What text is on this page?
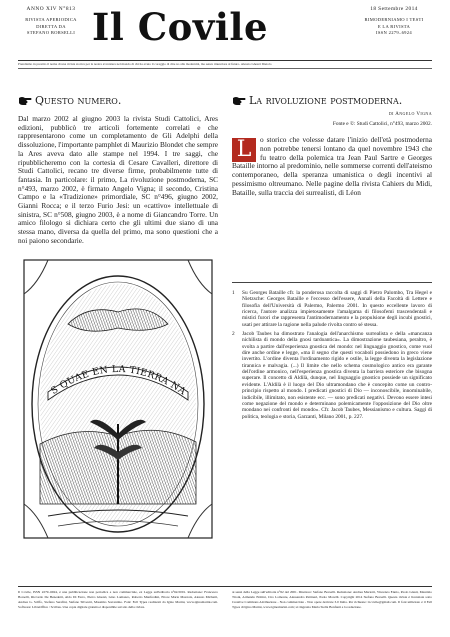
ANNO XIV N°813
RIVISTA APERIODICA
DIRETTA DA
STEFANO BORSELLI Il Covile	18 Settembre 2014
RIMODERNIAMO I TESTI
E LA RIVISTA
ISSN 2279–6924
Prendiamo in prestito il nome di una rivista storica per la nostra avventura nel mondo di chi ha avuto il coraggio di dire no alla modernità, ma senza rinunciare al futuro. Alessio Ghezzi Dietolo
Questo numero.
Dal marzo 2002 al giugno 2003 la rivista Studi Cattolici, Ares edizioni, pubblicò tre articoli fortemente correlati e che rappresentarono come un completamento de Gli Adelphi della dissoluzione, l'importante pamphlet di Maurizio Blondet che sempre la Ares aveva dato alle stampe nel 1994. I tre saggi, che ripubblicheremo con la cortesia di Cesare Cavalleri, direttore di Studi Cattolici, recano tre diverse firme, probabilmente tutte di fantasia. In particolare: il primo, La rivoluzione postmoderna, SC n°493, marzo 2002, è firmato Angelo Vigna; il secondo, Cristina Campo e la «Tradizione» primordiale, SC n°496, giugno 2002, Gianni Rocca; e il terzo Furio Jesi: un «cattivo» intellettuale di sinistra, SC n°508, giugno 2003, è a nome di Giancandro Torre. Un amico filologo si dichiara certo che gli ultimi due siano di una stessa mano, diversa da quella del primo, ma sono questioni che a noi paiono secondarie.
S QUAE EN LA TIERRA NA
La rivoluzione postmoderna.
di Angelo Vigna
Fonte e ©: Studi Cattolici, n°493, marzo 2002.
L	o storico che volesse datare l'inizio dell'età postmoderna non potrebbe tenersi lontano da quel novembre 1943 che fu teatro della polemica tra Jean Paul Sartre e Georges Bataille intorno al predominio, nelle sommerse correnti dell'ateismo contemporaneo, della speranza umanistica o degli incentivi al pessimismo oltreumano. Nelle pagine della rivista Cahiers du Midi, Bataille, sulla traccia dei surrealisti, di Léon
1	Su Georges Bataille cfr. la ponderosa raccolta di saggi di Pietro Palombo, Tra Hegel e Nietzsche: Georges Bataille e l'eccesso dell'essere, Annali della Facoltà di Lettere e filosofia dell'Università di Palermo, Palermo 2001. In questo eccellente lavoro di ricerca, l'autore analizza impietosamente l'amalgama di filosofemi trascendentali e mistici furori che rappresenta l'antimodernamento e la propulsione degli incubi gnostici, usati per attirare la ragione nella palude rivolta contro sé stessa.
2	Jacob Taubes ha dimostrato l'analogia dell'anarchismo surrealista e della «mancanza nichilista di mondo della gnosi tardoantica». La dimostrazione taubesiana, peraltro, è svolta a partire dall'esperienza gnostica del mondo: nel linguaggio gnostico, come vuol dire anche ordine e legge, «ma il segno che questi vocaboli possiedono in greco viene invertito. L'ordine diventa l'ordinamento rigido e ostile, la legge diventa la legislazione tirannica e malvagia. (...) Il limite che nello schema cosmologico antico era garante dell'ordine armonico, nell'esperienza gnostica diventa la barriera esteriore che bisogna superare. Il concetto di Aldilà, dunque, nel linguaggio gnostico possiede un significato evidente. L'Aldilà è il luogo del Dio ultramondano che è concepito come un contro-principio rispetto al mondo. I predicati gnostici di Dio — inconoscibile, innominabile, indicibile, illimitato, non esistente ecc. — sono predicati negativi. Devono essere intesi come negazione del mondo e determinano polemicamente l'opposizione del Dio oltre mondano nei confronti del mondo». Cfr. Jacob Taubes, Messianismo e cultura. Saggi di politica, teologia e storia, Garzanti, Milano 2001, p. 227.
Il Covile, ISSN 2279–6924, è una pubblicazione non periodica e non commerciale, ex Legge sull'editoria n°62/2001. Redazione: Francesco Borselli, Riccardo De Benedetti, Aldo Di Ferro, Pietro Ghezzi, Gino Lomazzo, Roberto Manfredini, Ettore Maria Mazzola, Alessio Michetti, Andrea G. Sciffo, Stefano Serafini, Stefano Silvestri, Massimo Sorrentino. Font: Fell Types realizzati da Igino Marini, www.iginomarini.com. Software: LibreOffice / Scribus. Una copia digitale gratuita è disponibile sul sito della rivista.
ai sensi della Legge sull'editoria n°62 del 2001. Direttore: Stefano Borselli. Redazione: Andrea Mariotti, Vincenzo Ennio, Paolo Giusti, Maurizio Tironi, Armando Ermini, Ciro Lomonte, Alessandro Pettinari, Paolo Morelli. Copyright 2014 Stefano Borselli. Questa rivista è licenziata sotto Creative Commons Attribuzione - Non commerciale - Non opere derivate 3.0 Italia. Per richieste: il.covile@gmail.com. Il font utilizzato è il Fell Types di Igino Marini, www.iginomarini.com; si ringrazia Maria Stella Bonfanti e la redazione.
